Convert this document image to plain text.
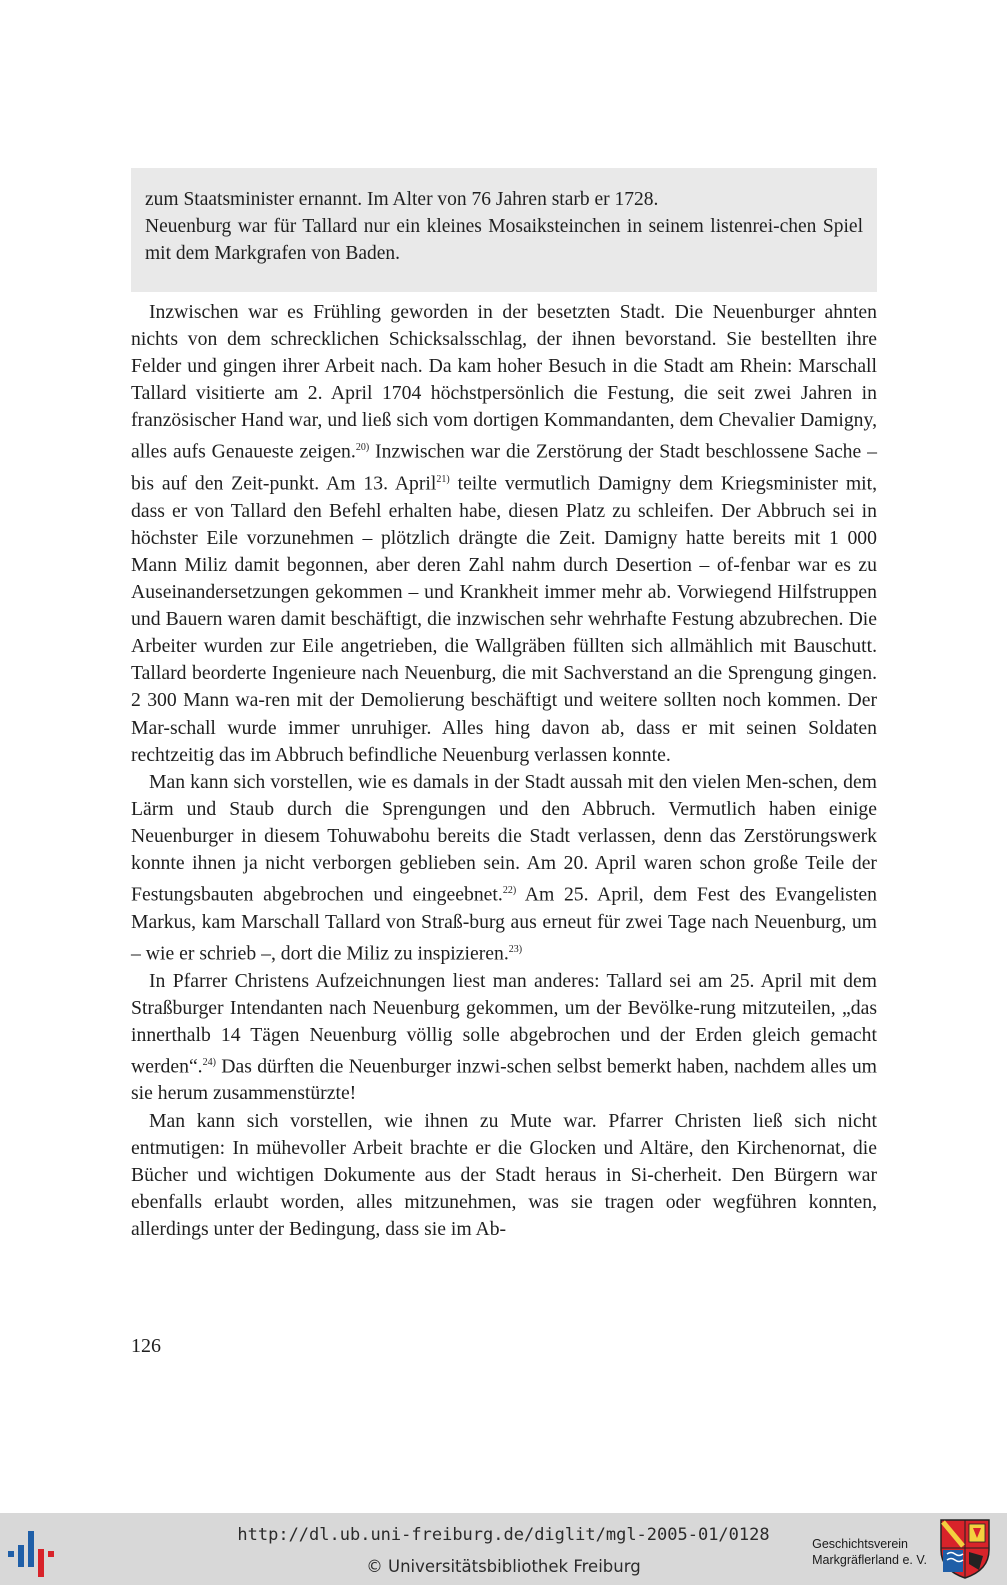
zum Staatsminister ernannt. Im Alter von 76 Jahren starb er 1728.

Neuenburg war für Tallard nur ein kleines Mosaiksteinchen in seinem listenrei-chen Spiel mit dem Markgrafen von Baden.

Inzwischen war es Frühling geworden in der besetzten Stadt. Die Neuenburger ahnten nichts von dem schrecklichen Schicksalsschlag, der ihnen bevorstand. Sie bestellten ihre Felder und gingen ihrer Arbeit nach. Da kam hoher Besuch in die Stadt am Rhein: Marschall Tallard visitierte am 2. April 1704 höchstpersönlich die Festung, die seit zwei Jahren in französischer Hand war, und ließ sich vom dortigen Kommandanten, dem Chevalier Damigny, alles aufs Genaueste zeigen.$^{20)}$ Inzwischen war die Zerstörung der Stadt beschlossene Sache – bis auf den Zeit-punkt. Am 13. April$^{21)}$ teilte vermutlich Damigny dem Kriegsminister mit, dass er von Tallard den Befehl erhalten habe, diesen Platz zu schleifen. Der Abbruch sei in höchster Eile vorzunehmen – plötzlich drängte die Zeit. Damigny hatte bereits mit 1 000 Mann Miliz damit begonnen, aber deren Zahl nahm durch Desertion – of-fenbar war es zu Auseinandersetzungen gekommen – und Krankheit immer mehr ab. Vorwiegend Hilfstruppen und Bauern waren damit beschäftigt, die inzwischen sehr wehrhafte Festung abzubrechen. Die Arbeiter wurden zur Eile angetrieben, die Wallgräben füllten sich allmählich mit Bauschutt. Tallard beorderte Ingenieure nach Neuenburg, die mit Sachverstand an die Sprengung gingen. 2 300 Mann wa-ren mit der Demolierung beschäftigt und weitere sollten noch kommen. Der Mar-schall wurde immer unruhiger. Alles hing davon ab, dass er mit seinen Soldaten rechtzeitig das im Abbruch befindliche Neuenburg verlassen konnte.

Man kann sich vorstellen, wie es damals in der Stadt aussah mit den vielen Men-schen, dem Lärm und Staub durch die Sprengungen und den Abbruch. Vermutlich haben einige Neuenburger in diesem Tohuwabohu bereits die Stadt verlassen, denn das Zerstörungswerk konnte ihnen ja nicht verborgen geblieben sein. Am 20. April waren schon große Teile der Festungsbauten abgebrochen und eingeebnet.$^{22)}$ Am 25. April, dem Fest des Evangelisten Markus, kam Marschall Tallard von Straß-burg aus erneut für zwei Tage nach Neuenburg, um – wie er schrieb –, dort die Miliz zu inspizieren.$^{23)}$

In Pfarrer Christens Aufzeichnungen liest man anderes: Tallard sei am 25. April mit dem Straßburger Intendanten nach Neuenburg gekommen, um der Bevölke-rung mitzuteilen, „das innerthalb 14 Tägen Neuenburg völlig solle abgebrochen und der Erden gleich gemacht werden“.$^{24)}$ Das dürften die Neuenburger inzwi-schen selbst bemerkt haben, nachdem alles um sie herum zusammenstürzte!

Man kann sich vorstellen, wie ihnen zu Mute war. Pfarrer Christen ließ sich nicht entmutigen: In mühevoller Arbeit brachte er die Glocken und Altäre, den Kirchenornat, die Bücher und wichtigen Dokumente aus der Stadt heraus in Si-cherheit. Den Bürgern war ebenfalls erlaubt worden, alles mitzunehmen, was sie tragen oder wegführen konnten, allerdings unter der Bedingung, dass sie im Ab-

126
http://dl.ub.uni-freiburg.de/diglit/mgl-2005-01/0128
© Universitätsbibliothek Freiburg
Geschichtsverein
Markgräflerland e. V.
